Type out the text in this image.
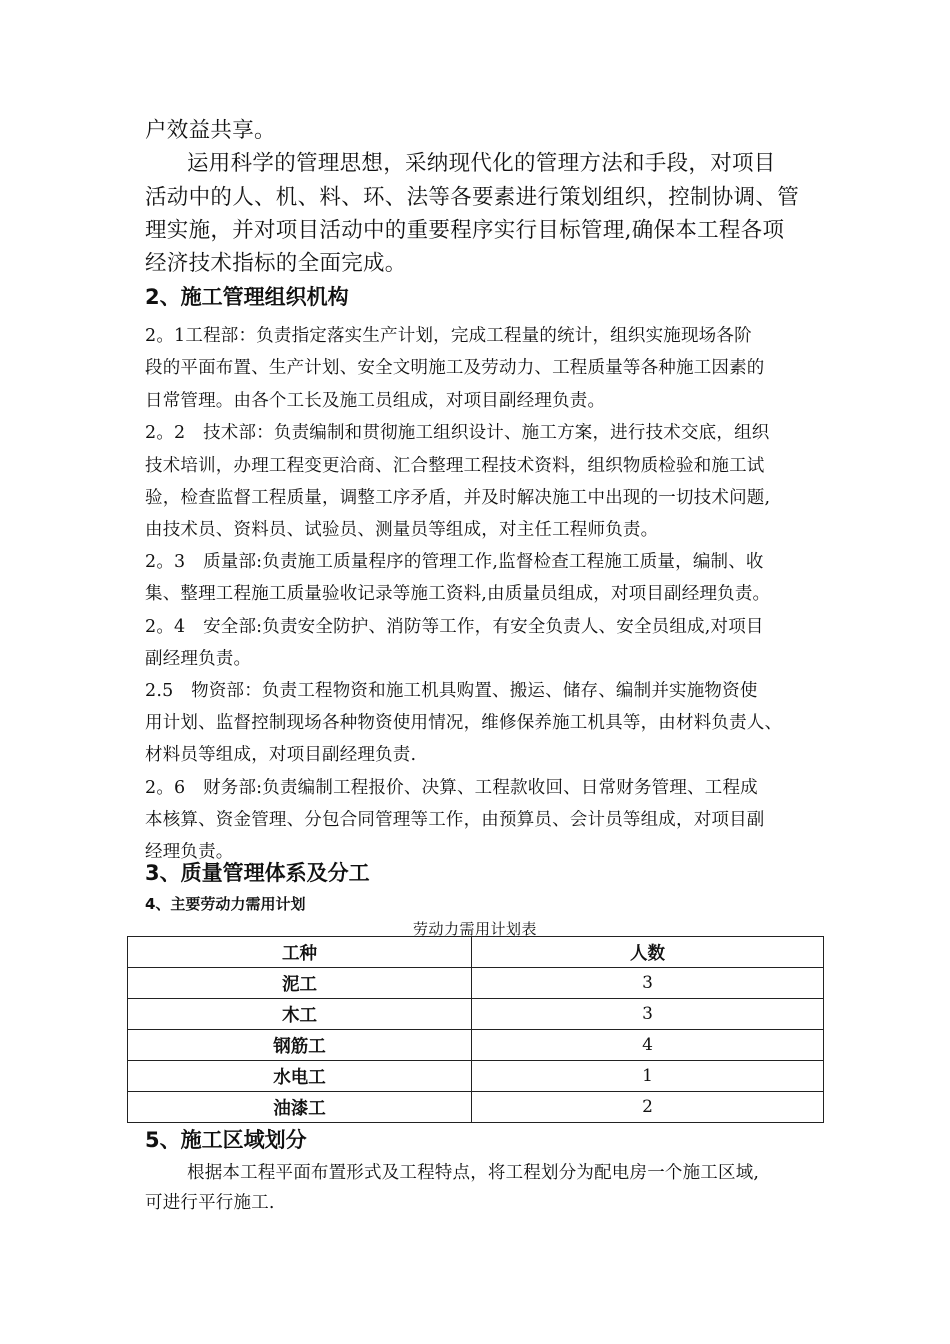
户效益共享。
运用科学的管理思想，采纳现代化的管理方法和手段，对项目
活动中的人、机、料、环、法等各要素进行策划组织，控制协调、管
理实施，并对项目活动中的重要程序实行目标管理,确保本工程各项
经济技术指标的全面完成。
2、施工管理组织机构
2。1工程部：负责指定落实生产计划，完成工程量的统计，组织实施现场各阶
段的平面布置、生产计划、安全文明施工及劳动力、工程质量等各种施工因素的
日常管理。由各个工长及施工员组成，对项目副经理负责。
2。2　技术部：负责编制和贯彻施工组织设计、施工方案，进行技术交底，组织
技术培训，办理工程变更洽商、汇合整理工程技术资料，组织物质检验和施工试
验，检查监督工程质量，调整工序矛盾，并及时解决施工中出现的一切技术问题,
由技术员、资料员、试验员、测量员等组成，对主任工程师负责。
2。3　质量部:负责施工质量程序的管理工作,监督检查工程施工质量，编制、收
集、整理工程施工质量验收记录等施工资料,由质量员组成，对项目副经理负责。
2。4　安全部:负责安全防护、消防等工作，有安全负责人、安全员组成,对项目
副经理负责。
2.5　物资部：负责工程物资和施工机具购置、搬运、储存、编制并实施物资使
用计划、监督控制现场各种物资使用情况，维修保养施工机具等，由材料负责人、
材料员等组成，对项目副经理负责.
2。6　财务部:负责编制工程报价、决算、工程款收回、日常财务管理、工程成
本核算、资金管理、分包合同管理等工作，由预算员、会计员等组成，对项目副
经理负责。
3、质量管理体系及分工
4、主要劳动力需用计划
劳动力需用计划表
工种	人数
泥工	3
木工	3
钢筋工	4
水电工	1
油漆工	2
5、施工区域划分
根据本工程平面布置形式及工程特点，将工程划分为配电房一个施工区域,
可进行平行施工.
